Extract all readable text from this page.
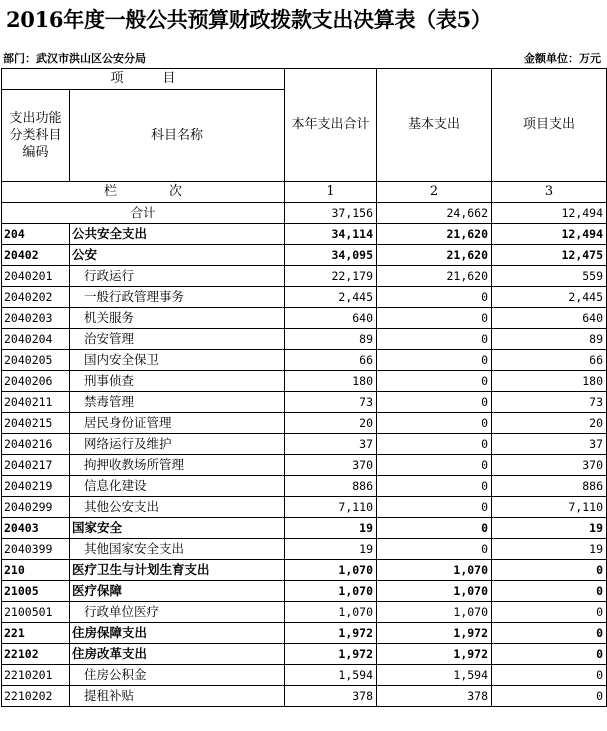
2016年度一般公共预算财政拨款支出决算表（表5）
部门：武汉市洪山区公安分局	金额单位：万元
项　　　目		本年支出合计	基本支出	项目支出
支出功能分类科目编码	科目名称			
栏　　　　次		1	2	3
合计		37,156	24,662	12,494
204	公共安全支出	34,114	21,620	12,494
20402	公安	34,095	21,620	12,475
2040201	行政运行	22,179	21,620	559
2040202	一般行政管理事务	2,445	0	2,445
2040203	机关服务	640	0	640
2040204	治安管理	89	0	89
2040205	国内安全保卫	66	0	66
2040206	刑事侦查	180	0	180
2040211	禁毒管理	73	0	73
2040215	居民身份证管理	20	0	20
2040216	网络运行及维护	37	0	37
2040217	拘押收教场所管理	370	0	370
2040219	信息化建设	886	0	886
2040299	其他公安支出	7,110	0	7,110
20403	国家安全	19	0	19
2040399	其他国家安全支出	19	0	19
210	医疗卫生与计划生育支出	1,070	1,070	0
21005	医疗保障	1,070	1,070	0
2100501	行政单位医疗	1,070	1,070	0
221	住房保障支出	1,972	1,972	0
22102	住房改革支出	1,972	1,972	0
2210201	住房公积金	1,594	1,594	0
2210202	提租补贴	378	378	0
